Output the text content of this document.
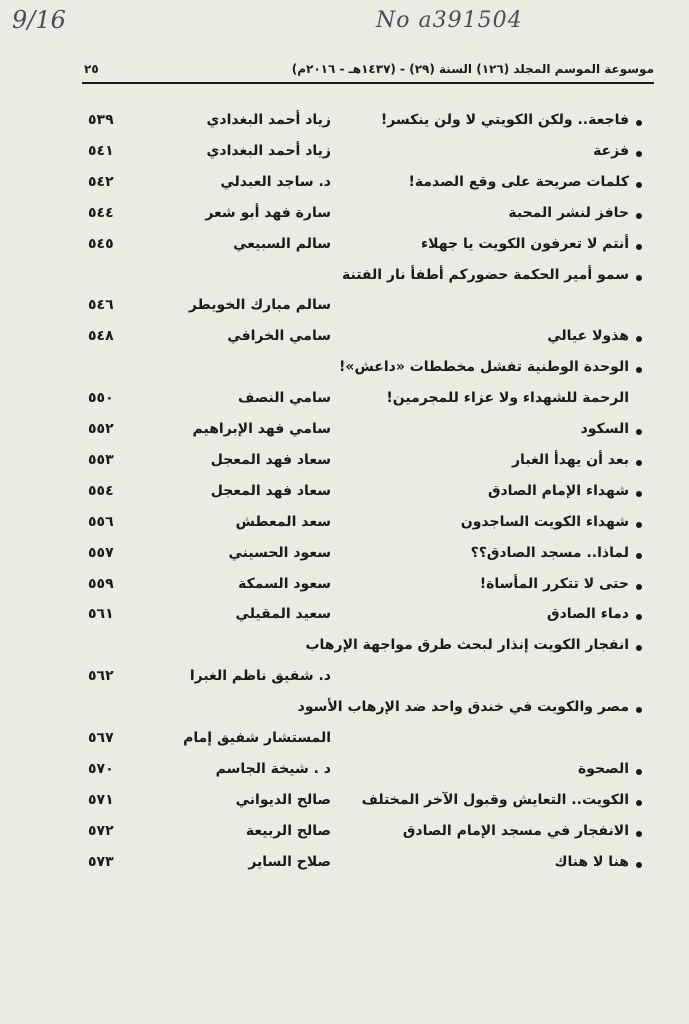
9/16	No a391504
موسوعة الموسم المجلد (١٢٦) السنة (٢٩) - (١٤٣٧هـ - ٢٠١٦م)
٢٥
فاجعة.. ولكن الكويتي لا ولن ينكسر!
.....
زياد أحمد البغدادي
٥٣٩
فزعة
.....
زياد أحمد البغدادي
٥٤١
كلمات صريحة على وقع الصدمة!
.....
د. ساجد العبدلي
٥٤٢
حافز لنشر المحبة
.....
سارة فهد أبو شعر
٥٤٤
أنتم لا تعرفون الكويت يا جهلاء
.....
سالم السبيعي
٥٤٥
سمو أمير الحكمة حضوركم أطفأ نار الفتنة
.....
سالم مبارك الخويطر
٥٤٦
هذولا عيالي
.....
سامي الخرافي
٥٤٨
الوحدة الوطنية تفشل مخططات «داعش»!
الرحمة للشهداء ولا عزاء للمجرمين!
.....
سامي النصف
٥٥٠
السكود
.....
سامي فهد الإبراهيم
٥٥٢
بعد أن يهدأ الغبار
.....
سعاد فهد المعجل
٥٥٣
شهداء الإمام الصادق
.....
سعاد فهد المعجل
٥٥٤
شهداء الكويت الساجدون
.....
سعد المعطش
٥٥٦
لماذا.. مسجد الصادق؟؟
.....
سعود الحسيني
٥٥٧
حتى لا تتكرر المأساة!
.....
سعود السمكة
٥٥٩
دماء الصادق
.....
سعيد المقيلي
٥٦١
انفجار الكويت إنذار لبحث طرق مواجهة الإرهاب
.....
د. شفيق ناظم الغبرا
٥٦٢
مصر والكويت في خندق واحد ضد الإرهاب الأسود
.....
المستشار شفيق إمام
٥٦٧
الصحوة
.....
د . شيخة الجاسم
٥٧٠
الكويت.. التعايش وقبول الآخر المختلف
.....
صالح الديواني
٥٧١
الانفجار في مسجد الإمام الصادق
.....
صالح الربيعة
٥٧٢
هنا لا هناك
.....
صلاح الساير
٥٧٣
